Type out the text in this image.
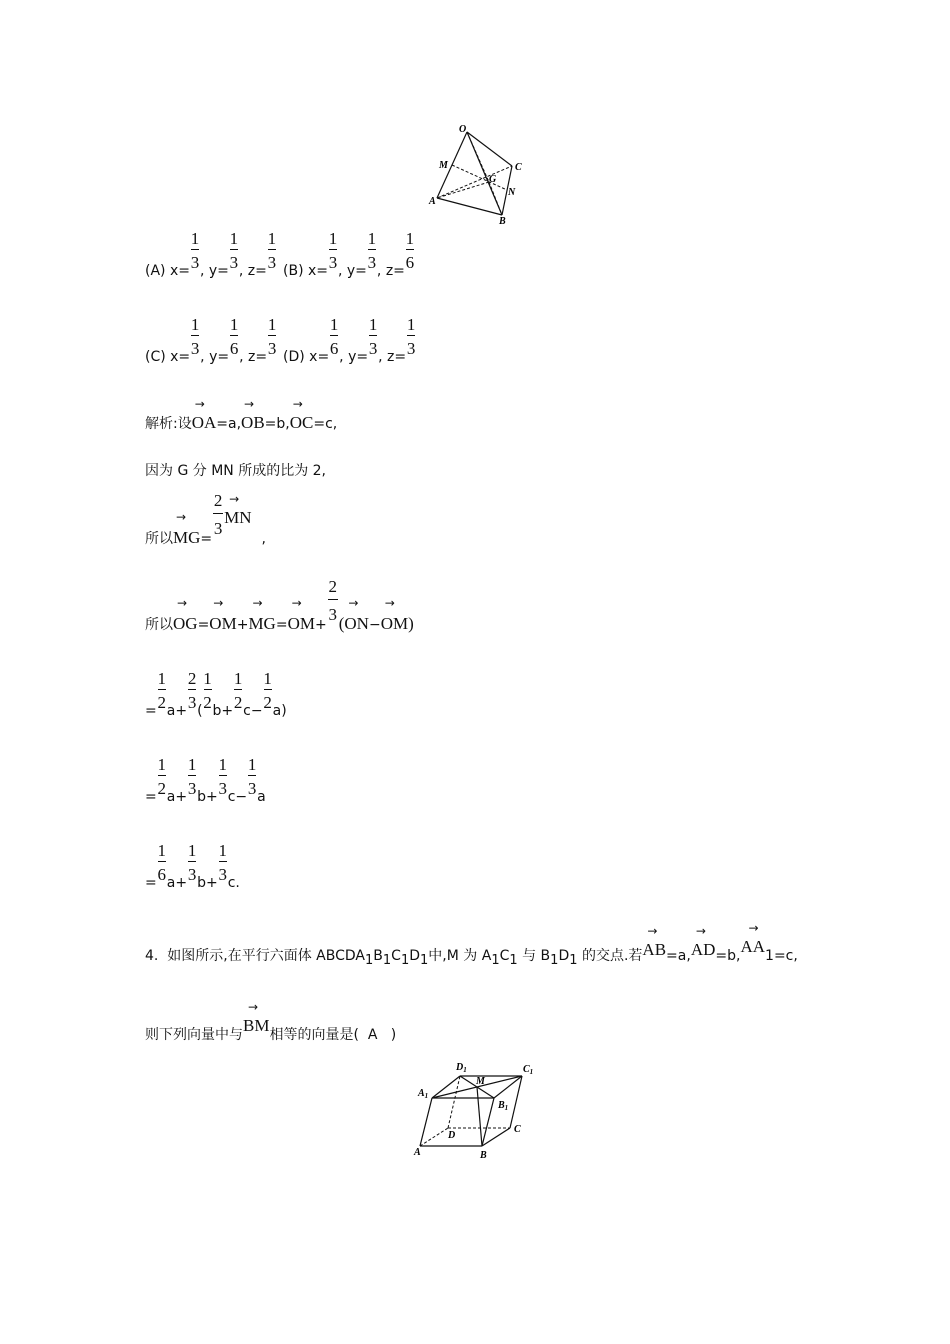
O
M	C
G
N
A
B
(A) $x= \frac{1}{3}$ , $y= \frac{1}{3}$ , $z= \frac{1}{3} (B)$ $x= \frac{1}{3}$ , $y= \frac{1}{3}$ , $z= \frac{1}{6}$
(C) $x= \frac{1}{3}$ , $y= \frac{1}{6}$ , $z= \frac{1}{3} (D)$ $x= \frac{1}{6}$ , $y= \frac{1}{3}$ , $z= \frac{1}{3}$
解析:设
→
OA=a,
→
OB=b,
→
OC=c,
因为 G 分 MN 所成的比为 2,
所以
→
$MG= \frac{2}{3}$
→
MN,
所以
→
OG=
→
OM+
→
MG=
→
$OM+ \frac{2}{3}$ (
→
ON−
→
OM)
= $\frac{1}{2} a+ \frac{2}{3}$ ( $\frac{1}{2} b+ \frac{1}{2} c- \frac{1}{2} a$)
= $\frac{1}{2} a+ \frac{1}{3} b+ \frac{1}{3} c- \frac{1}{3}$ a
= $\frac{1}{6} a+ \frac{1}{3} b+ \frac{1}{3} c$.
4. 如图所示,在平行六面体 $ABCDA_1B_1C_1D_1$中,M 为 $A_1C_1$ 与 $B_1D_1$ 的交点.若
→
AB=a,
→
AD=b,
→
AA1=c,
则下列向量中与
→
BM相等的向量是( A )
$D_1$
M
$C_1$
$A_1$
$B_1$
D
C
A	B
